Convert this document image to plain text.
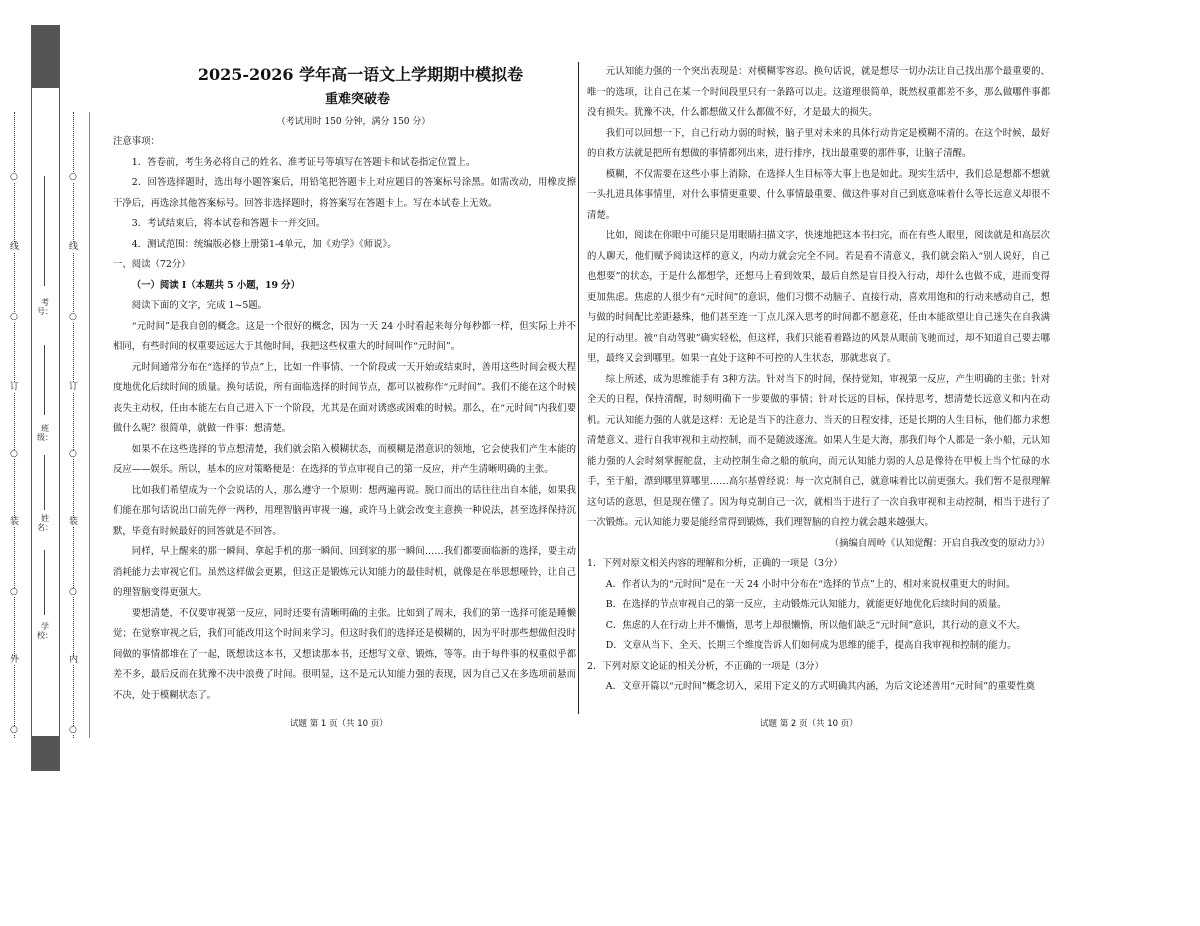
○
线
○
订
○
装
○
外
○
○
线
○
订
○
装
○
内
○
考号：
班级：
姓名：
学校：

2025-2026 学年高一语文上学期期中模拟卷

重难突破卷

（考试用时 150 分钟，满分 150 分）

注意事项：

1．答卷前，考生务必将自己的姓名、准考证号等填写在答题卡和试卷指定位置上。

2．回答选择题时，选出每小题答案后，用铅笔把答题卡上对应题目的答案标号涂黑。如需改动，用橡皮擦干净后，再选涂其他答案标号。回答非选择题时，将答案写在答题卡上。写在本试卷上无效。

3．考试结束后，将本试卷和答题卡一并交回。

4．测试范围：统编版必修上册第1-4单元，加《劝学》《师说》。

一、阅读（72分）

（一）阅读 I（本题共 5 小题，19 分）

阅读下面的文字，完成 1~5题。

“元时间”是我自创的概念。这是一个很好的概念，因为一天 24 小时看起来每分每秒都一样，但实际上并不相同，有些时间的权重要远远大于其他时间，我把这些权重大的时间叫作“元时间”。

元时间通常分布在“选择的节点”上，比如一件事情、一个阶段或一天开始或结束时，善用这些时间会极大程度地优化后续时间的质量。换句话说，所有面临选择的时间节点，都可以被称作“元时间”。我们不能在这个时候丧失主动权，任由本能左右自己进入下一个阶段，尤其是在面对诱惑或困难的时候。那么，在“元时间”内我们要做什么呢？很简单，就做一件事：想清楚。

如果不在这些选择的节点想清楚，我们就会陷入模糊状态，而模糊是潜意识的领地，它会使我们产生本能的反应——娱乐。所以，基本的应对策略便是：在选择的节点审视自己的第一反应，并产生清晰明确的主张。

比如我们希望成为一个会说话的人，那么遵守一个原则：想两遍再说。脱口而出的话往往出自本能，如果我们能在那句话说出口前先停一两秒，用理智脑再审视一遍，或许马上就会改变主意换一种说法，甚至选择保持沉默，毕竟有时候最好的回答就是不回答。

同样，早上醒来的那一瞬间、拿起手机的那一瞬间、回到家的那一瞬间……我们都要面临新的选择，要主动消耗能力去审视它们。虽然这样做会更累，但这正是锻炼元认知能力的最佳时机，就像是在举思想哑铃，让自己的理智脑变得更强大。

要想清楚，不仅要审视第一反应，同时还要有清晰明确的主张。比如到了周末，我们的第一选择可能是睡懒觉；在觉察审视之后，我们可能改用这个时间来学习。但这时我们的选择还是模糊的，因为平时那些想做但没时间做的事情都堆在了一起，既想读这本书，又想读那本书，还想写文章、锻炼，等等。由于每件事的权重似乎都差不多，最后反而在犹豫不决中浪费了时间。很明显，这不是元认知能力强的表现，因为自己又在多选项前悬而不决，处于模糊状态了。

元认知能力强的一个突出表现是：对模糊零容忍。换句话说，就是想尽一切办法让自己找出那个最重要的、唯一的选项，让自己在某一个时间段里只有一条路可以走。这道理很简单，既然权重都差不多，那么做哪件事都没有损失。犹豫不决，什么都想做又什么都做不好，才是最大的损失。

我们可以回想一下，自己行动力弱的时候，脑子里对未来的具体行动肯定是模糊不清的。在这个时候，最好的自救方法就是把所有想做的事情都列出来，进行排序，找出最重要的那件事，让脑子清醒。

模糊，不仅需要在这些小事上消除，在选择人生目标等大事上也是如此。现实生活中，我们总是想都不想就一头扎进具体事情里，对什么事情更重要、什么事情最重要、做这件事对自己到底意味着什么等长远意义却很不清楚。

比如，阅读在你眼中可能只是用眼睛扫描文字，快速地把这本书扫完，而在有些人眼里，阅读就是和高层次的人聊天，他们赋予阅读这样的意义，内动力就会完全不同。若是看不清意义，我们就会陷入“别人说好，自己也想要”的状态，于是什么都想学，还想马上看到效果，最后自然是盲目投入行动，却什么也做不成，进而变得更加焦虑。焦虑的人很少有“元时间”的意识，他们习惯不动脑子、直接行动，喜欢用饱和的行动来感动自己，想与做的时间配比差距悬殊，他们甚至连一丁点儿深入思考的时间都不愿意花，任由本能欲望让自己迷失在自我满足的行动里。被“自动驾驶”确实轻松，但这样，我们只能看着路边的风景从眼前飞驰而过，却不知道自己要去哪里，最终又会到哪里。如果一直处于这种不可控的人生状态，那就悲哀了。

综上所述，成为思维能手有 3种方法。针对当下的时间，保持觉知，审视第一反应，产生明确的主张；针对全天的日程，保持清醒，时刻明确下一步要做的事情；针对长远的目标，保持思考，想清楚长远意义和内在动机。元认知能力强的人就是这样：无论是当下的注意力、当天的日程安排，还是长期的人生目标，他们都力求想清楚意义、进行自我审视和主动控制，而不是随波逐流。如果人生是大海，那我们每个人都是一条小船，元认知能力强的人会时刻掌握舵盘，主动控制生命之船的航向，而元认知能力弱的人总是像待在甲板上当个忙碌的水手，至于船，漂到哪里算哪里……高尔基曾经说：每一次克制自己，就意味着比以前更强大。我们暂不是很理解这句话的意思，但是现在懂了。因为每克制自己一次，就相当于进行了一次自我审视和主动控制，相当于进行了一次锻炼。元认知能力要是能经常得到锻炼，我们理智脑的自控力就会越来越强大。

（摘编自周岭《认知觉醒：开启自我改变的原动力》）

1．下列对原文相关内容的理解和分析，正确的一项是（3分）

A．作者认为的“元时间”是在一天 24 小时中分布在“选择的节点”上的、相对来说权重更大的时间。

B．在选择的节点审视自己的第一反应，主动锻炼元认知能力，就能更好地优化后续时间的质量。

C．焦虑的人在行动上并不懒惰，思考上却很懒惰，所以他们缺乏“元时间”意识，其行动的意义不大。

D．文章从当下、全天、长期三个维度告诉人们如何成为思维的能手，提高自我审视和控制的能力。

2．下列对原文论证的相关分析，不正确的一项是（3分）

A．文章开篇以“元时间”概念切入，采用下定义的方式明确其内涵，为后文论述善用“元时间”的重要性奠

试题 第 1 页（共 10 页）	试题 第 2 页（共 10 页）
